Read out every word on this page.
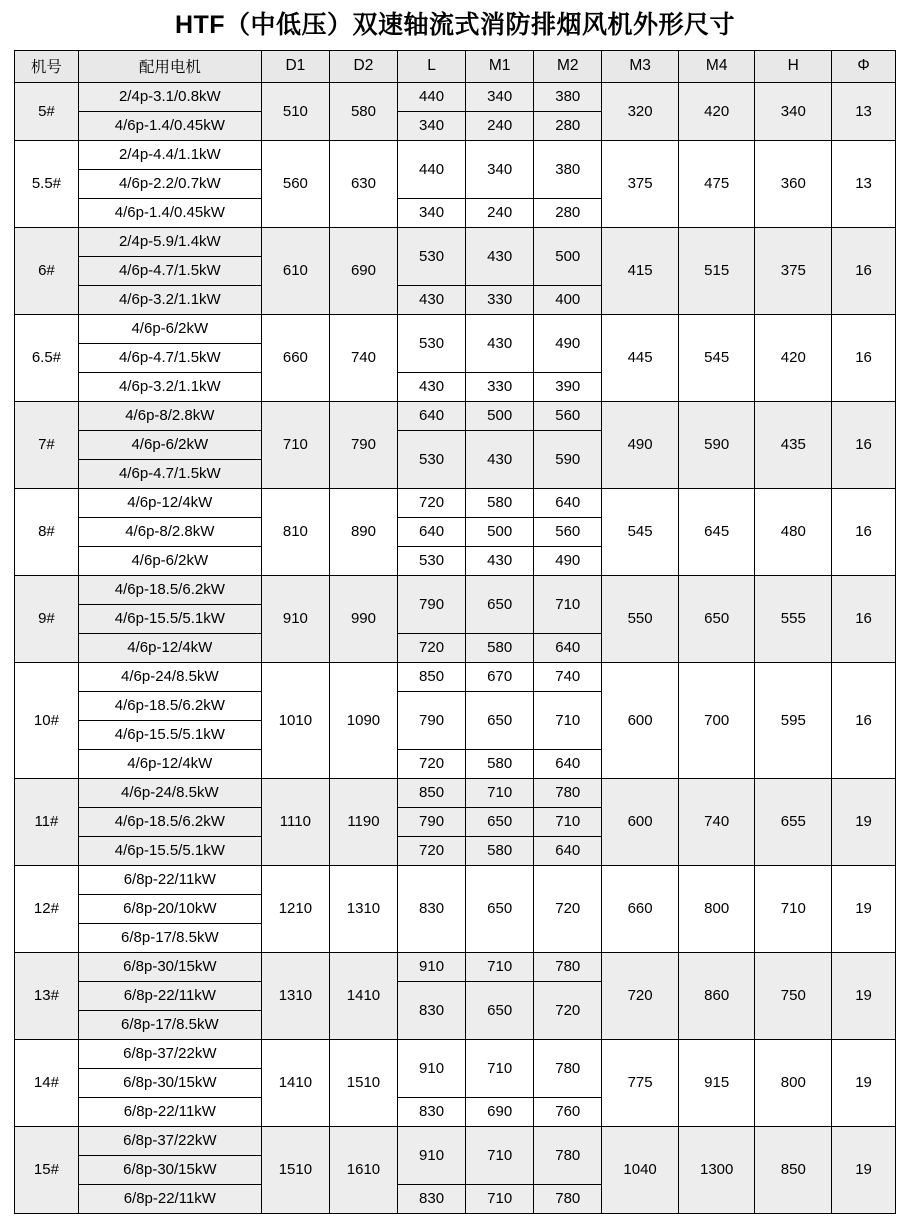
HTF（中低压）双速轴流式消防排烟风机外形尺寸
机号	配用电机	D1	D2	L	M1	M2	M3	M4	H	Φ
5#	2/4p-3.1/0.8kW	510	580	440	340	380	320	420	340	13
	4/6p-1.4/0.45kW			340	240	280				
5.5#	2/4p-4.4/1.1kW	560	630	440	340	380	375	475	360	13
	4/6p-2.2/0.7kW									
	4/6p-1.4/0.45kW			340	240	280				
6#	2/4p-5.9/1.4kW	610	690	530	430	500	415	515	375	16
	4/6p-4.7/1.5kW									
	4/6p-3.2/1.1kW			430	330	400				
6.5#	4/6p-6/2kW	660	740	530	430	490	445	545	420	16
	4/6p-4.7/1.5kW									
	4/6p-3.2/1.1kW			430	330	390				
7#	4/6p-8/2.8kW	710	790	640	500	560	490	590	435	16
	4/6p-6/2kW			530	430	590				
	4/6p-4.7/1.5kW									
8#	4/6p-12/4kW	810	890	720	580	640	545	645	480	16
	4/6p-8/2.8kW			640	500	560				
	4/6p-6/2kW			530	430	490				
9#	4/6p-18.5/6.2kW	910	990	790	650	710	550	650	555	16
	4/6p-15.5/5.1kW									
	4/6p-12/4kW			720	580	640				
10#	4/6p-24/8.5kW	1010	1090	850	670	740	600	700	595	16
	4/6p-18.5/6.2kW			790	650	710				
	4/6p-15.5/5.1kW									
	4/6p-12/4kW			720	580	640				
11#	4/6p-24/8.5kW	1110	1190	850	710	780	600	740	655	19
	4/6p-18.5/6.2kW			790	650	710				
	4/6p-15.5/5.1kW			720	580	640				
12#	6/8p-22/11kW	1210	1310	830	650	720	660	800	710	19
	6/8p-20/10kW									
	6/8p-17/8.5kW									
13#	6/8p-30/15kW	1310	1410	910	710	780	720	860	750	19
	6/8p-22/11kW			830	650	720				
	6/8p-17/8.5kW									
14#	6/8p-37/22kW	1410	1510	910	710	780	775	915	800	19
	6/8p-30/15kW									
	6/8p-22/11kW			830	690	760				
15#	6/8p-37/22kW	1510	1610	910	710	780	1040	1300	850	19
	6/8p-30/15kW									
	6/8p-22/11kW			830	710	780				
